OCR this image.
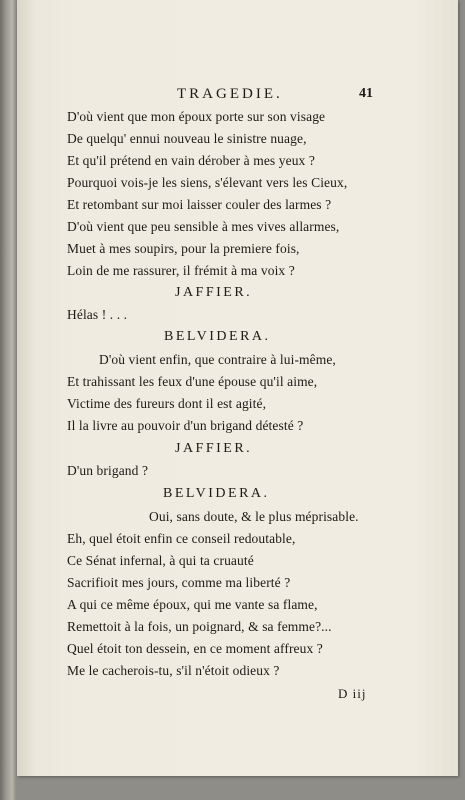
TRAGEDIE.	41
D'où vient que mon époux porte sur son visage
De quelqu' ennui nouveau le sinistre nuage,
Et qu'il prétend en vain dérober à mes yeux ?
Pourquoi vois-je les siens, s'élevant vers les Cieux,
Et retombant sur moi laisser couler des larmes ?
D'où vient que peu sensible à mes vives allarmes,
Muet à mes soupirs, pour la premiere fois,
Loin de me rassurer, il frémit à ma voix ?
JAFFIER.
Hélas ! . . .
BELVIDERA.
D'où vient enfin, que contraire à lui-même,
Et trahissant les feux d'une épouse qu'il aime,
Victime des fureurs dont il est agité,
Il la livre au pouvoir d'un brigand détesté ?
JAFFIER.
D'un brigand ?
BELVIDERA.
Oui, sans doute, & le plus méprisable.
Eh, quel étoit enfin ce conseil redoutable,
Ce Sénat infernal, à qui ta cruauté
Sacrifioit mes jours, comme ma liberté ?
A qui ce même époux, qui me vante sa flame,
Remettoit à la fois, un poignard, & sa femme?...
Quel étoit ton dessein, en ce moment affreux ?
Me le cacherois-tu, s'il n'étoit odieux ?
D iij
